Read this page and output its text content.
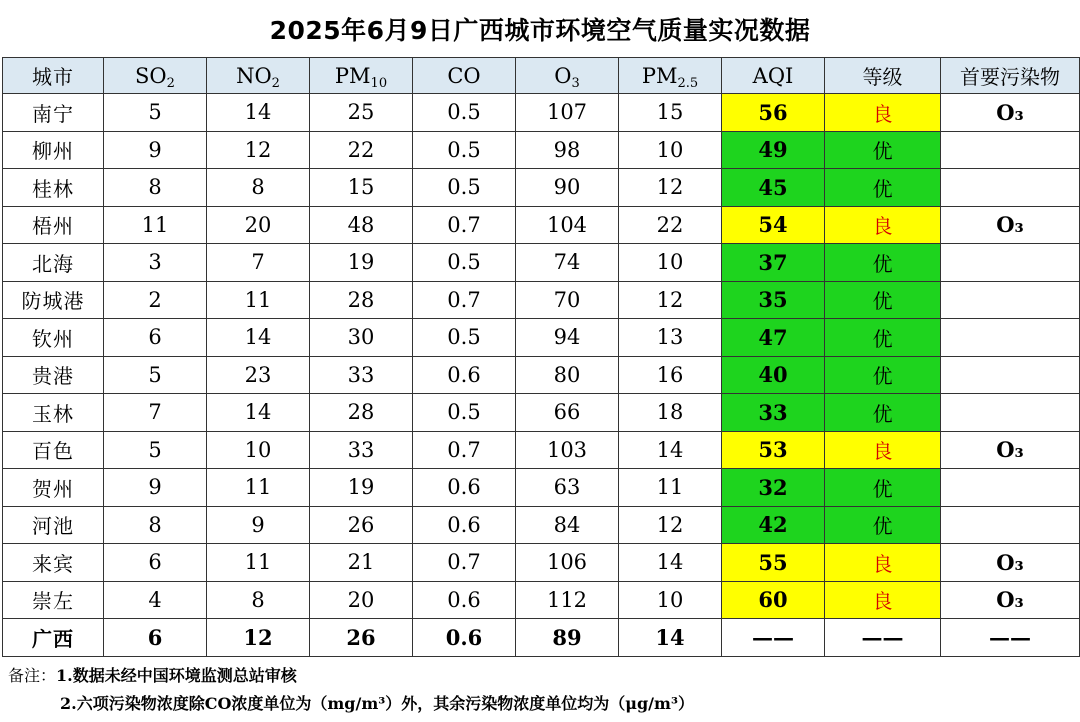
2025年6月9日广西城市环境空气质量实况数据
城市	$SO_2$	$NO_2$	$PM_{10}$	CO	$O_3$	$PM_{2.5}$	AQI	等级	首要污染物
南宁	5	14	25	0.5	107	15	56	良	O₃
柳州	9	12	22	0.5	98	10	49	优	
桂林	8	8	15	0.5	90	12	45	优	
梧州	11	20	48	0.7	104	22	54	良	O₃
北海	3	7	19	0.5	74	10	37	优	
防城港	2	11	28	0.7	70	12	35	优	
钦州	6	14	30	0.5	94	13	47	优	
贵港	5	23	33	0.6	80	16	40	优	
玉林	7	14	28	0.5	66	18	33	优	
百色	5	10	33	0.7	103	14	53	良	O₃
贺州	9	11	19	0.6	63	11	32	优	
河池	8	9	26	0.6	84	12	42	优	
来宾	6	11	21	0.7	106	14	55	良	O₃
崇左	4	8	20	0.6	112	10	60	良	O₃
广西	6	12	26	0.6	89	14	——	——	——
备注：1.数据未经中国环境监测总站审核
2.六项污染物浓度除CO浓度单位为（mg/m³）外，其余污染物浓度单位均为（μg/m³）
